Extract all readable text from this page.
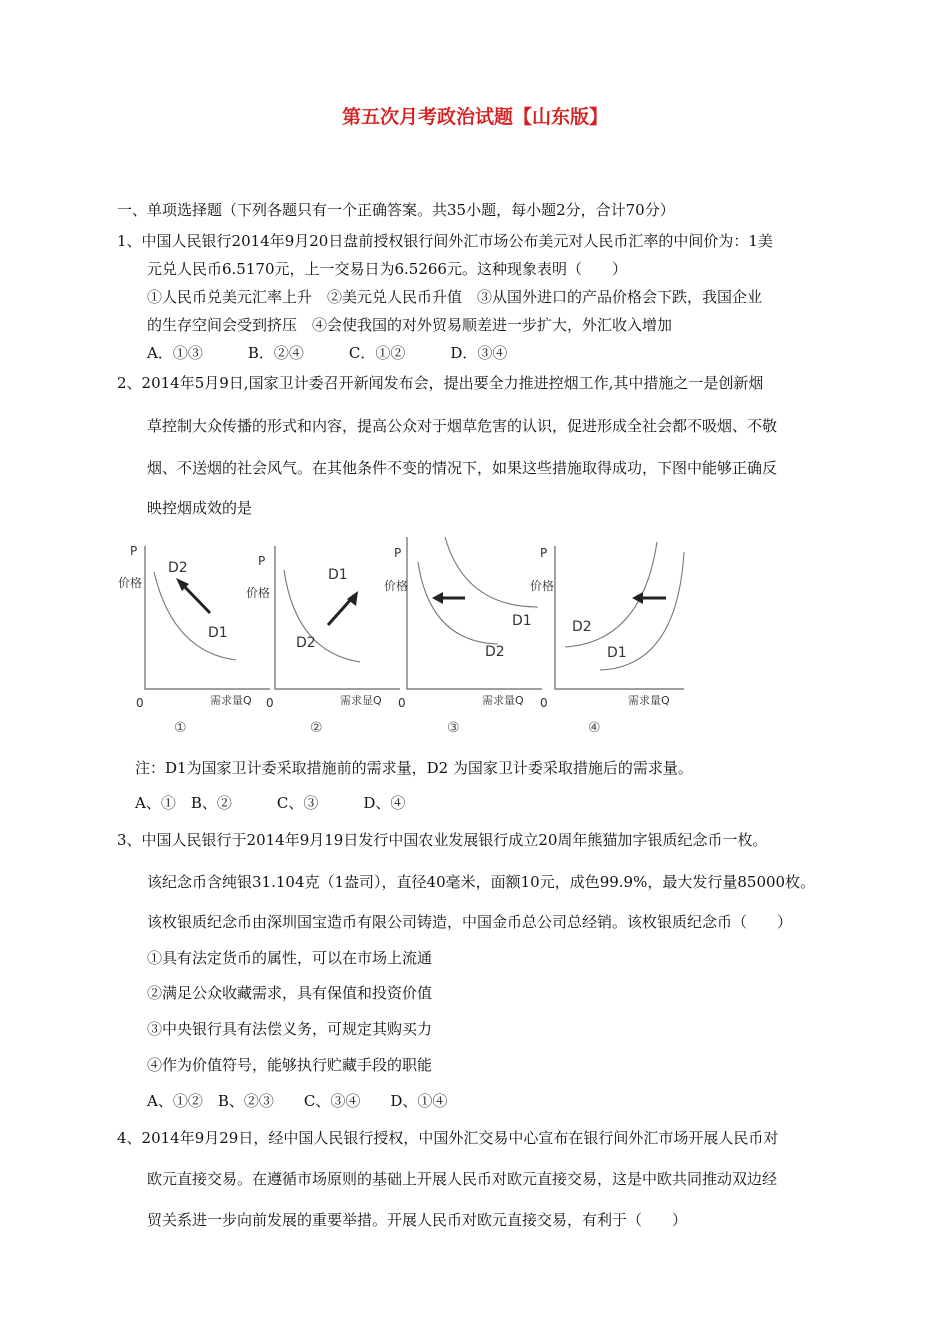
第五次月考政治试题【山东版】
一、单项选择题（下列各题只有一个正确答案。共35小题，每小题2分，合计70分）
1、中国人民银行2014年9月20日盘前授权银行间外汇市场公布美元对人民币汇率的中间价为：1美
元兑人民币6.5170元，上一交易日为6.5266元。这种现象表明（　　）
①人民币兑美元汇率上升　②美元兑人民币升值　③从国外进口的产品价格会下跌，我国企业
的生存空间会受到挤压　④会使我国的对外贸易顺差进一步扩大，外汇收入增加
A．①③　　　B．②④　　　C．①②　　　D．③④
2、2014年5月9日,国家卫计委召开新闻发布会，提出要全力推进控烟工作,其中措施之一是创新烟
草控制大众传播的形式和内容，提高公众对于烟草危害的认识，促进形成全社会都不吸烟、不敬
烟、不送烟的社会风气。在其他条件不变的情况下，如果这些措施取得成功，下图中能够正确反
映控烟成效的是
P
价格
D2
D1
0	需求量Q
①
P
价格
D1
D2
0	需求显Q
②
P
价格
D1
D2
0	需求量Q
③
P
价格
D2
D1
0	需求量Q
④
注：D1为国家卫计委采取措施前的需求量，D2 为国家卫计委采取措施后的需求量。
A、①　B、②　　　C、③　　　D、④
3、中国人民银行于2014年9月19日发行中国农业发展银行成立20周年熊猫加字银质纪念币一枚。
该纪念币含纯银31.104克（1盎司），直径40毫米，面额10元，成色99.9%，最大发行量85000枚。
该枚银质纪念币由深圳国宝造币有限公司铸造，中国金币总公司总经销。该枚银质纪念币（　　）
①具有法定货币的属性，可以在市场上流通
②满足公众收藏需求，具有保值和投资价值
③中央银行具有法偿义务，可规定其购买力
④作为价值符号，能够执行贮藏手段的职能
A、①②　B、②③　　C、③④　　D、①④
4、2014年9月29日，经中国人民银行授权，中国外汇交易中心宣布在银行间外汇市场开展人民币对
欧元直接交易。在遵循市场原则的基础上开展人民币对欧元直接交易，这是中欧共同推动双边经
贸关系进一步向前发展的重要举措。开展人民币对欧元直接交易，有利于（　　）
